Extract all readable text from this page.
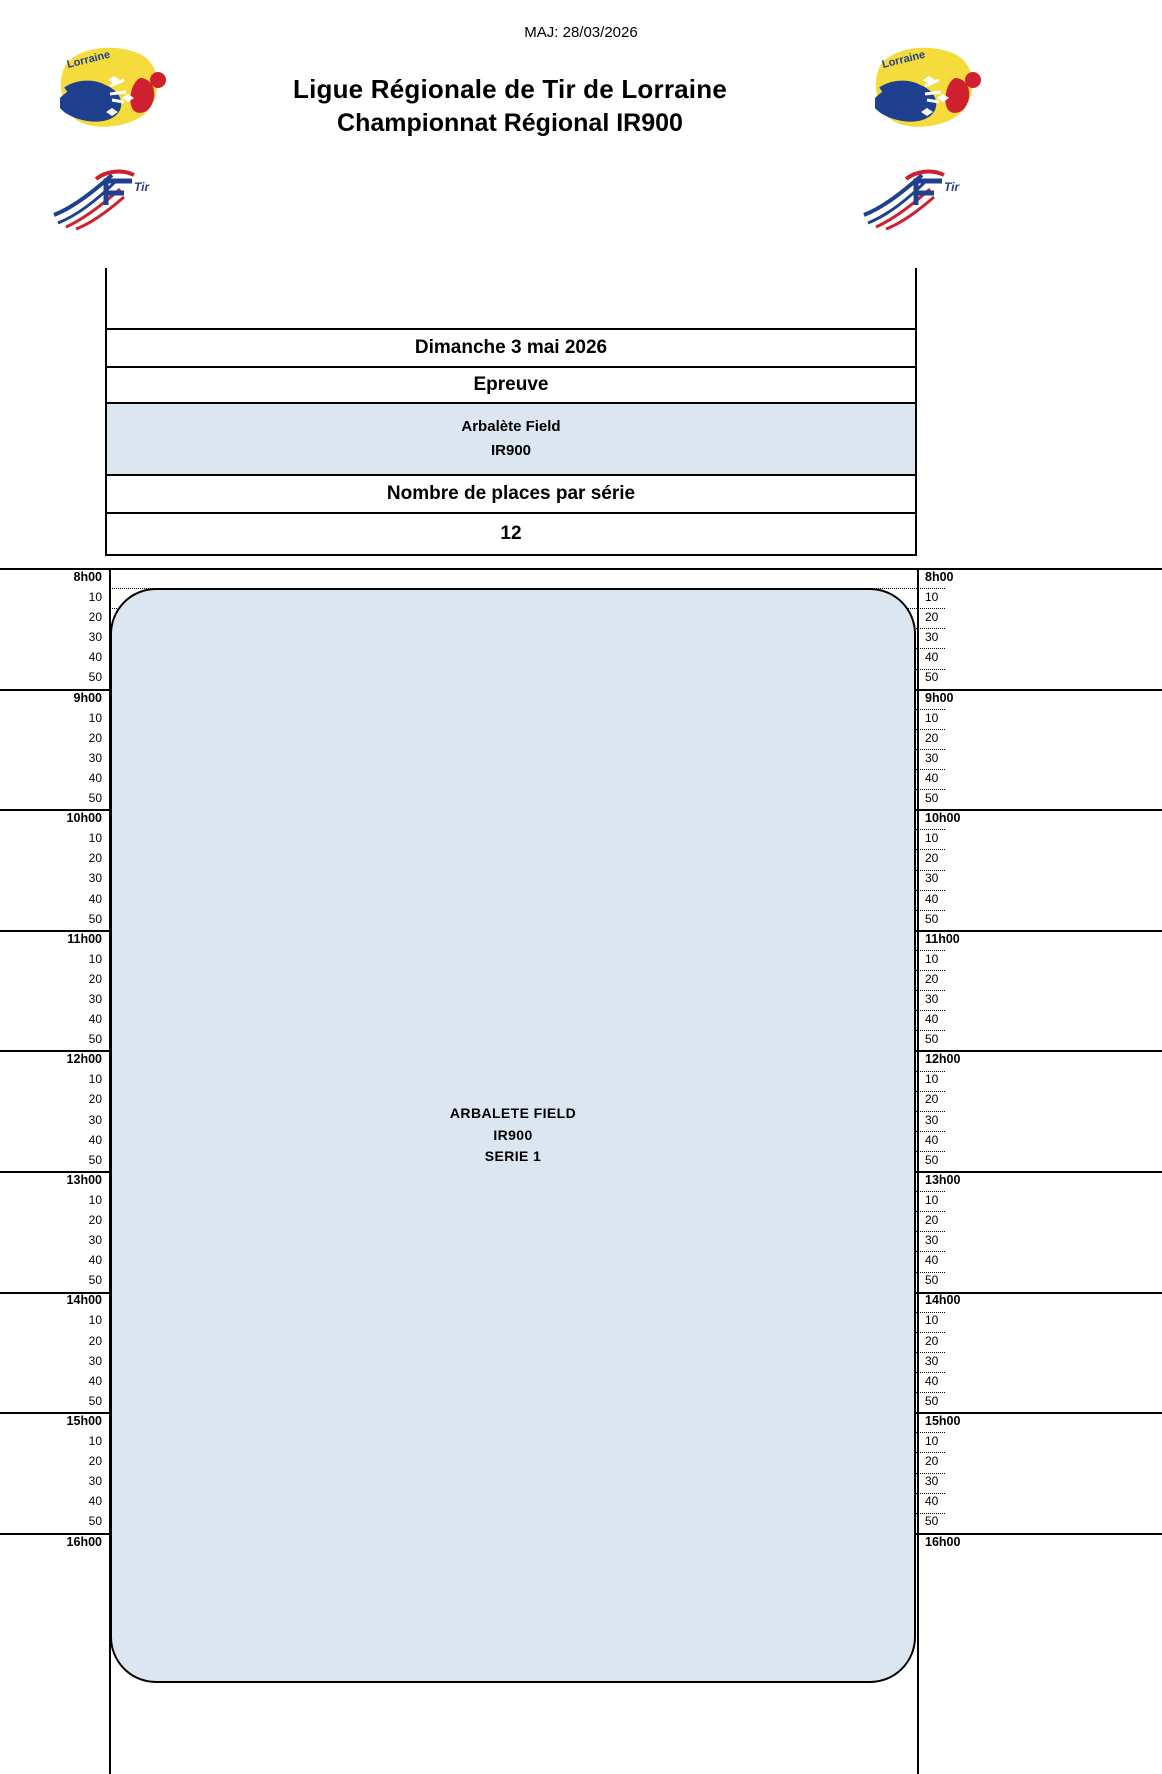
MAJ: 28/03/2026
Lorraine	Lorraine
Tir	Tir
Ligue Régionale de Tir de Lorraine
Championnat Régional IR900

Dimanche 3 mai 2026
Epreuve

Arbalète Field
IR900

Nombre de places par série
12
8h00
10
20
30
40
50
9h00
10
20
30
40
50
10h00
10
20
30
40
50
11h00
10
20
30
40
50
12h00
10
20
30
40
50
13h00
10
20
30
40
50
14h00
10
20
30
40
50
15h00
10
20
30
40
50
16h00
8h00
10
20
30
40
50
9h00
10
20
30
40
50
10h00
10
20
30
40
50
11h00
10
20
30
40
50
12h00
10
20
30
40
50
13h00
10
20
30
40
50
14h00
10
20
30
40
50
15h00
10
20
30
40
50
16h00
ARBALETE FIELD
IR900
SERIE 1
